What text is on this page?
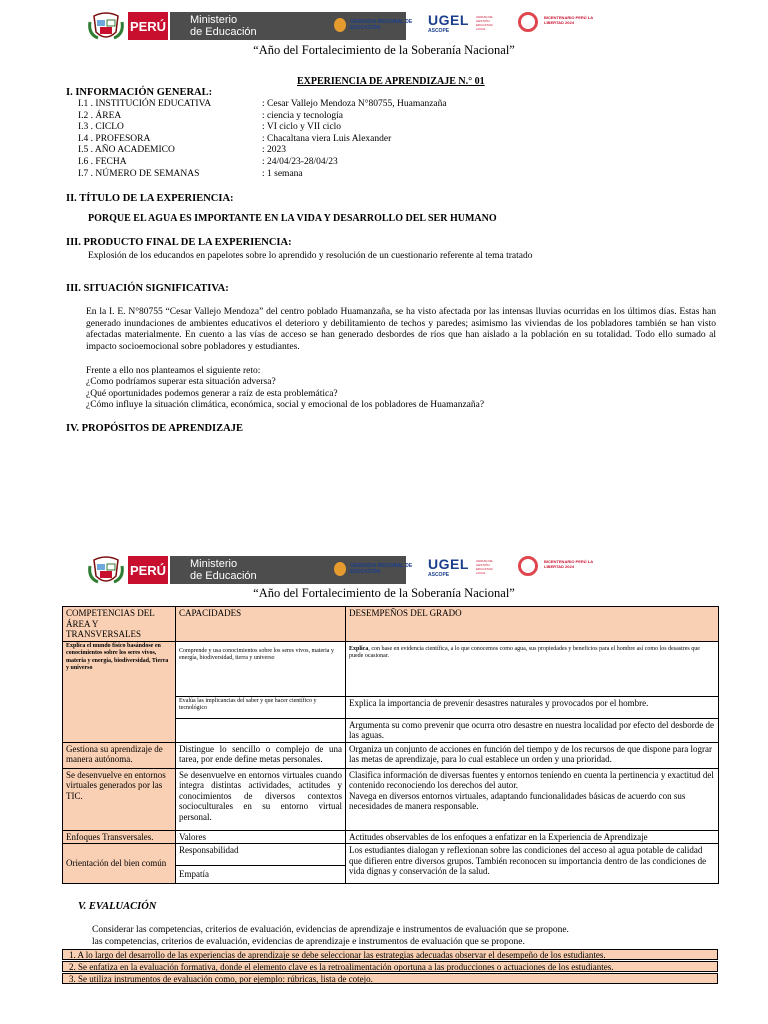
PERÚ Ministerio
de Educación
GERENCIA REGIONAL DE EDUCACIÓN	UGEL
ASCOPE
UNIDAD DE GESTIÓN EDUCATIVA LOCAL
BICENTENARIO PERÚ LA LIBERTAD 2024
“Año del Fortalecimiento de la Soberanía Nacional”
EXPERIENCIA DE APRENDIZAJE N.° 01
I. INFORMACIÓN GENERAL:
I.1 . INSTITUCIÓN EDUCATIVA	: Cesar Vallejo Mendoza N°80755, Huamanzaña
I.2 . ÁREA	: ciencia y tecnología
I.3 . CICLO	: VI ciclo y VII ciclo
I.4 . PROFESORA	: Chacaltana viera Luis Alexander
I.5 . AÑO ACADEMICO	: 2023
I.6 . FECHA	: 24/04/23-28/04/23
I.7 . NÚMERO DE SEMANAS	: 1 semana
II. TÍTULO DE LA EXPERIENCIA:
PORQUE EL AGUA ES IMPORTANTE EN LA VIDA Y DESARROLLO DEL SER HUMANO
III. PRODUCTO FINAL DE LA EXPERIENCIA:
Explosión de los educandos en papelotes sobre lo aprendido y resolución de un cuestionario referente al tema tratado
III. SITUACIÓN SIGNIFICATIVA:
En la I. E. N°80755 “Cesar Vallejo Mendoza” del centro poblado Huamanzaña, se ha visto afectada por las intensas lluvias ocurridas en los últimos días. Estas han generado inundaciones de ambientes educativos el deterioro y debilitamiento de techos y paredes; asimismo las viviendas de los pobladores también se han visto afectadas materialmente. En cuento a las vías de acceso se han generado desbordes de ríos que han aislado a la población en su totalidad. Todo ello sumado al impacto socioemocional sobre pobladores y estudiantes.
Frente a ello nos planteamos el siguiente reto:
¿Como podríamos superar esta situación adversa?
¿Qué oportunidades podemos generar a raíz de esta problemática?
¿Cómo influye la situación climática, económica, social y emocional de los pobladores de Huamanzaña?
IV. PROPÓSITOS DE APRENDIZAJE
PERÚ Ministerio
de Educación
GERENCIA REGIONAL DE EDUCACIÓN	UGEL
ASCOPE
UNIDAD DE GESTIÓN EDUCATIVA LOCAL
BICENTENARIO PERÚ LA LIBERTAD 2024
“Año del Fortalecimiento de la Soberanía Nacional”
COMPETENCIAS DEL ÁREA Y TRANSVERSALES	CAPACIDADES	DESEMPEÑOS DEL GRADO
Explica el mundo físico basándose en conocimientos sobre los seres vivos, materia y energía, biodiversidad, Tierra y universo	Comprende y usa conocimientos sobre los seres vivos, materia y energía, biodiversidad, tierra y universo	Explica, con base en evidencia científica, a lo que conocemos como agua, sus propiedades y beneficios para el hombre así como los desastres que puede ocasionar.
	Evalúa las implicancias del saber y que hacer científico y tecnológico	Explica la importancia de prevenir desastres naturales y provocados por el hombre.
		Argumenta su como prevenir que ocurra otro desastre en nuestra localidad por efecto del desborde de las aguas.
Gestiona su aprendizaje de manera autónoma.	Distingue lo sencillo o complejo de una tarea, por ende define metas personales.	Organiza un conjunto de acciones en función del tiempo y de los recursos de que dispone para lograr las metas de aprendizaje, para lo cual establece un orden y una prioridad.
Se desenvuelve en entornos virtuales generados por las TIC.	Se desenvuelve en entornos virtuales cuando integra distintas actividades, actitudes y conocimientos de diversos contextos socioculturales en su entorno virtual personal.	Clasifica información de diversas fuentes y entornos teniendo en cuenta la pertinencia y exactitud del contenido reconociendo los derechos del autor.
Navega en diversos entornos virtuales, adaptando funcionalidades básicas de acuerdo con sus necesidades de manera responsable.

Enfoques Transversales.	Valores	Actitudes observables de los enfoques a enfatizar en la Experiencia de Aprendizaje
Orientación del bien común	Responsabilidad	Los estudiantes dialogan y reflexionan sobre las condiciones del acceso al agua potable de calidad que difieren entre diversos grupos. También reconocen su importancia dentro de las condiciones de vida dignas y conservación de la salud.
	Empatía	
V. EVALUACIÓN
Considerar las competencias, criterios de evaluación, evidencias de aprendizaje e instrumentos de evaluación que se propone.
las competencias, criterios de evaluación, evidencias de aprendizaje e instrumentos de evaluación que se propone.
1. A lo largo del desarrollo de las experiencias de aprendizaje se debe seleccionar las estrategias adecuadas observar el desempeño de los estudiantes.
2. Se enfatiza en la evaluación formativa, donde el elemento clave es la retroalimentación oportuna a las producciones o actuaciones de los estudiantes.
3. Se utiliza instrumentos de evaluación como, por ejemplo: rúbricas, lista de cotejo.
